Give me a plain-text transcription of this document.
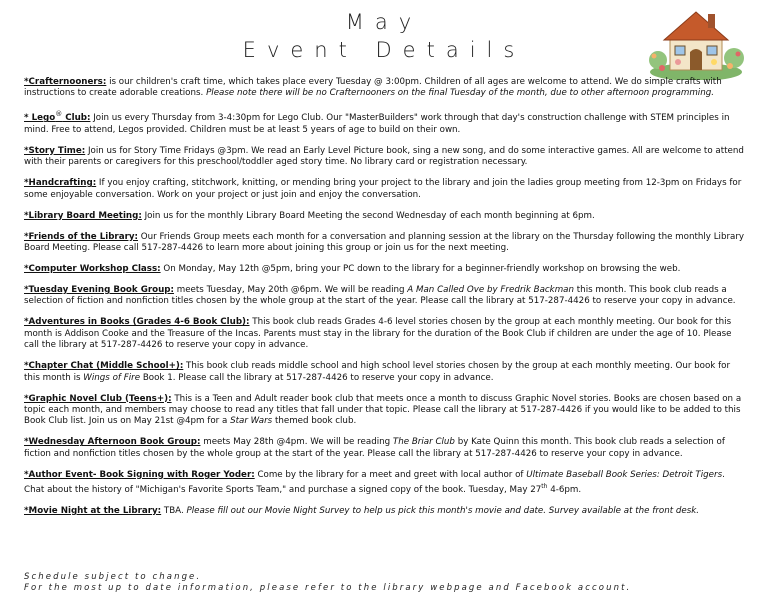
May
Event Details

*Crafternooners: is our children's craft time, which takes place every Tuesday @ 3:00pm. Children of all ages are welcome to attend. We do simple crafts with instructions to create adorable creations. Please note there will be no Crafternooners on the final Tuesday of the month, due to other afternoon programming.

* Lego® Club: Join us every Thursday from 3-4:30pm for Lego Club. Our "MasterBuilders" work through that day's construction challenge with STEM principles in mind. Free to attend, Legos provided. Children must be at least 5 years of age to build on their own.

*Story Time: Join us for Story Time Fridays @3pm. We read an Early Level Picture book, sing a new song, and do some interactive games. All are welcome to attend with their parents or caregivers for this preschool/toddler aged story time. No library card or registration necessary.

*Handcrafting: If you enjoy crafting, stitchwork, knitting, or mending bring your project to the library and join the ladies group meeting from 12-3pm on Fridays for some enjoyable conversation. Work on your project or just join and enjoy the conversation.

*Library Board Meeting: Join us for the monthly Library Board Meeting the second Wednesday of each month beginning at 6pm.

*Friends of the Library: Our Friends Group meets each month for a conversation and planning session at the library on the Thursday following the monthly Library Board Meeting. Please call 517-287-4426 to learn more about joining this group or join us for the next meeting.

*Computer Workshop Class: On Monday, May 12th @5pm, bring your PC down to the library for a beginner-friendly workshop on browsing the web.

*Tuesday Evening Book Group: meets Tuesday, May 20th @6pm. We will be reading A Man Called Ove by Fredrik Backman this month. This book club reads a selection of fiction and nonfiction titles chosen by the whole group at the start of the year. Please call the library at 517-287-4426 to reserve your copy in advance.

*Adventures in Books (Grades 4-6 Book Club): This book club reads Grades 4-6 level stories chosen by the group at each monthly meeting. Our book for this month is Addison Cooke and the Treasure of the Incas. Parents must stay in the library for the duration of the Book Club if children are under the age of 10. Please call the library at 517-287-4426 to reserve your copy in advance.

*Chapter Chat (Middle School+): This book club reads middle school and high school level stories chosen by the group at each monthly meeting. Our book for this month is Wings of Fire Book 1. Please call the library at 517-287-4426 to reserve your copy in advance.

*Graphic Novel Club (Teens+): This is a Teen and Adult reader book club that meets once a month to discuss Graphic Novel stories. Books are chosen based on a topic each month, and members may choose to read any titles that fall under that topic. Please call the library at 517-287-4426 if you would like to be added to this Book Club list. Join us on May 21st @4pm for a Star Wars themed book club.

*Wednesday Afternoon Book Group: meets May 28th @4pm. We will be reading The Briar Club by Kate Quinn this month. This book club reads a selection of fiction and nonfiction titles chosen by the whole group at the start of the year. Please call the library at 517-287-4426 to reserve your copy in advance.

*Author Event- Book Signing with Roger Yoder: Come by the library for a meet and greet with local author of Ultimate Baseball Book Series: Detroit Tigers. Chat about the history of "Michigan's Favorite Sports Team," and purchase a signed copy of the book. Tuesday, May 27th 4-6pm.

*Movie Night at the Library: TBA. Please fill out our Movie Night Survey to help us pick this month's movie and date. Survey available at the front desk.

Schedule subject to change.
For the most up to date information, please refer to the library webpage and Facebook account.
